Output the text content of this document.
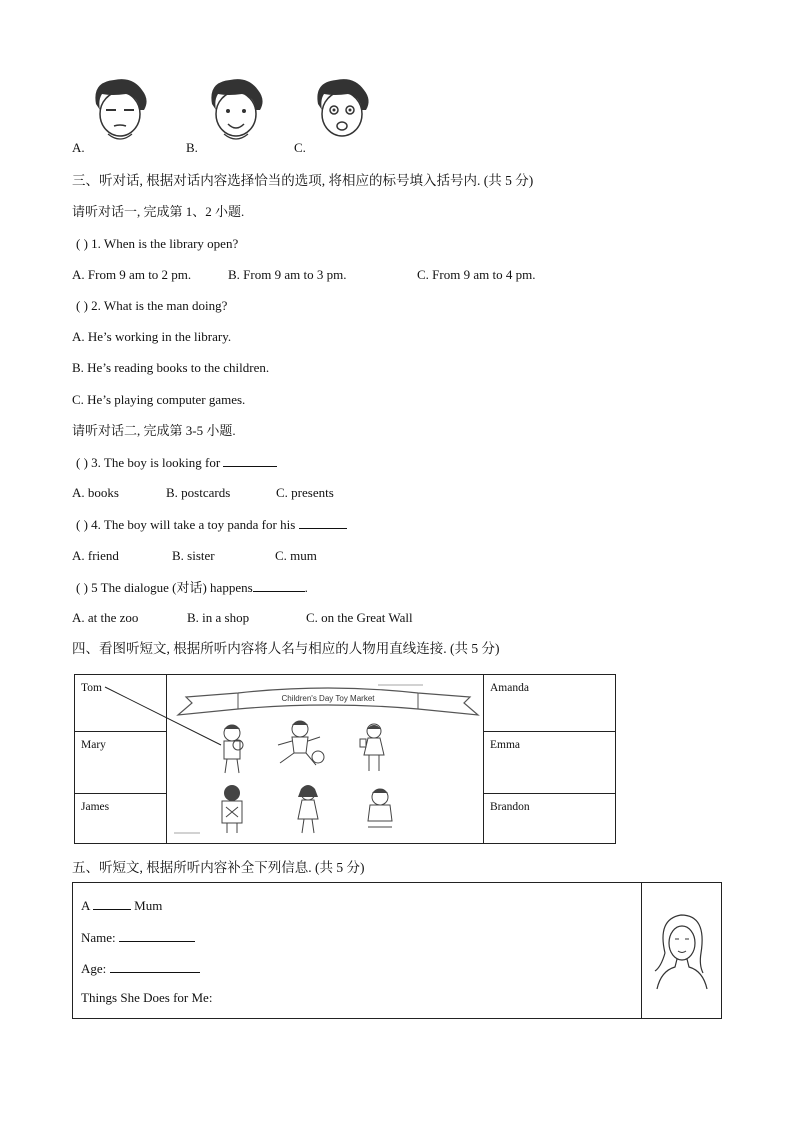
A.	B.	C.
三、听对话, 根据对话内容选择恰当的选项, 将相应的标号填入括号内. (共 5 分)
请听对话一, 完成第 1、2 小题.
( ) 1. When is the library open?
A. From 9 am to 2 pm.	B. From 9 am to 3 pm.	C. From 9 am to 4 pm.
( ) 2. What is the man doing?
A. He’s working in the library.
B. He’s reading books to the children.
C. He’s playing computer games.
请听对话二, 完成第 3-5 小题.
( ) 3. The boy is looking for
A. books	B. postcards	C. presents
( ) 4. The boy will take a toy panda for his
A. friend	B. sister	C. mum
( ) 5 The dialogue (对话) happens	.
A. at the zoo	B. in a shop	C. on the Great Wall
四、看图听短文, 根据所听内容将人名与相应的人物用直线连接. (共 5 分)
Tom
Mary
James
Amanda
Emma
Brandon
Children's Day Toy Market
五、听短文, 根据所听内容补全下列信息. (共 5 分)
A	Mum
Name:
Age:
Things She Does for Me:
